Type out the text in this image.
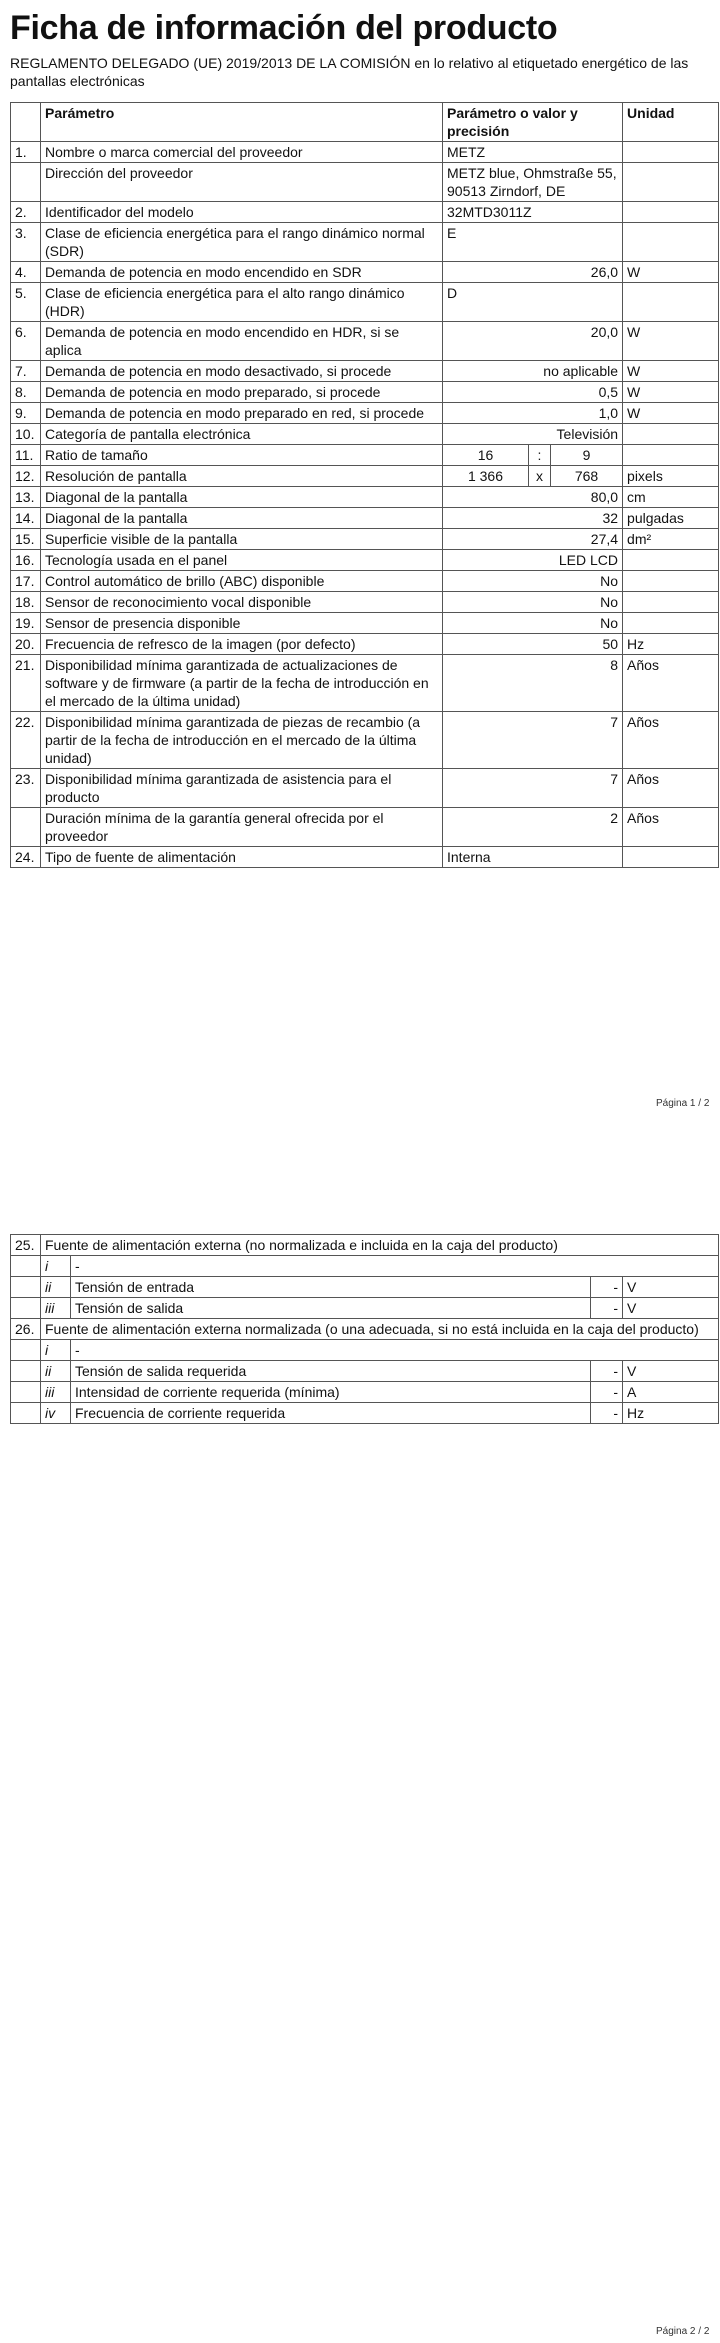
Ficha de información del producto
REGLAMENTO DELEGADO (UE) 2019/2013 DE LA COMISIÓN en lo relativo al etiquetado energético de las pantallas electrónicas
	Parámetro	Parámetro o valor y precisión			Unidad
1.	Nombre o marca comercial del proveedor	METZ			
	Dirección del proveedor	METZ blue, Ohmstraße 55, 90513 Zirndorf, DE			
2.	Identificador del modelo	32MTD3011Z			
3.	Clase de eficiencia energética para el rango dinámico normal (SDR)	E			
4.	Demanda de potencia en modo encendido en SDR	26,0			W
5.	Clase de eficiencia energética para el alto rango dinámico (HDR)	D			
6.	Demanda de potencia en modo encendido en HDR, si se aplica	20,0			W
7.	Demanda de potencia en modo desactivado, si procede	no aplicable			W
8.	Demanda de potencia en modo preparado, si procede	0,5			W
9.	Demanda de potencia en modo preparado en red, si procede	1,0			W
10.	Categoría de pantalla electrónica	Televisión			
11.	Ratio de tamaño	16	:	9	
12.	Resolución de pantalla	1 366	x	768	pixels
13.	Diagonal de la pantalla	80,0			cm
14.	Diagonal de la pantalla	32			pulgadas
15.	Superficie visible de la pantalla	27,4			dm²
16.	Tecnología usada en el panel	LED LCD			
17.	Control automático de brillo (ABC) disponible	No			
18.	Sensor de reconocimiento vocal disponible	No			
19.	Sensor de presencia disponible	No			
20.	Frecuencia de refresco de la imagen (por defecto)	50			Hz
21.	Disponibilidad mínima garantizada de actualizaciones de software y de firmware (a partir de la fecha de introducción en el mercado de la última unidad)	8			Años
22.	Disponibilidad mínima garantizada de piezas de recambio (a partir de la fecha de introducción en el mercado de la última unidad)	7			Años
23.	Disponibilidad mínima garantizada de asistencia para el producto	7			Años
	Duración mínima de la garantía general ofrecida por el proveedor	2			Años
24.	Tipo de fuente de alimentación	Interna			
Página 1 / 2
25.	Fuente de alimentación externa (no normalizada e incluida en la caja del producto)			
	i	-		
	ii	Tensión de entrada	-	V
	iii	Tensión de salida	-	V
26.	Fuente de alimentación externa normalizada (o una adecuada, si no está incluida en la caja del producto)			
	i	-		
	ii	Tensión de salida requerida	-	V
	iii	Intensidad de corriente requerida (mínima)	-	A
	iv	Frecuencia de corriente requerida	-	Hz
Página 2 / 2
